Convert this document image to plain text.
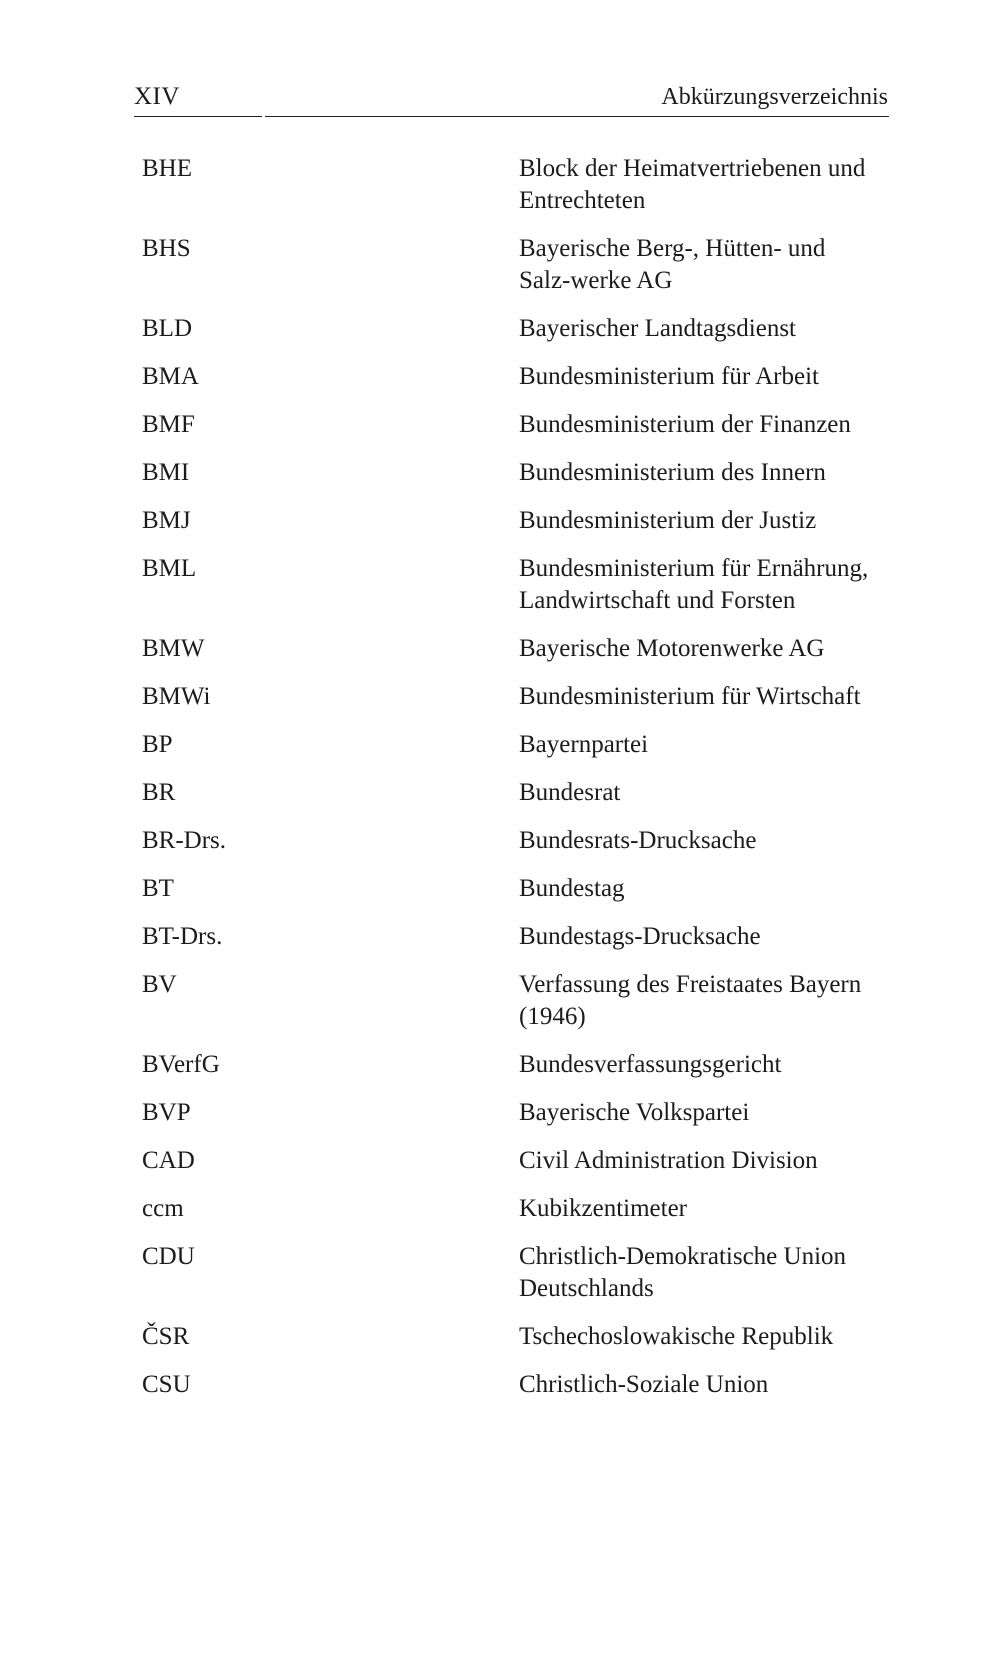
XIV	Abkürzungsverzeichnis
BHE	Block der Heimatvertriebenen und Entrechteten
BHS	Bayerische Berg-, Hütten- und Salz-werke AG
BLD	Bayerischer Landtagsdienst
BMA	Bundesministerium für Arbeit
BMF	Bundesministerium der Finanzen
BMI	Bundesministerium des Innern
BMJ	Bundesministerium der Justiz
BML	Bundesministerium für Ernährung, Landwirtschaft und Forsten
BMW	Bayerische Motorenwerke AG
BMWi	Bundesministerium für Wirtschaft
BP	Bayernpartei
BR	Bundesrat
BR-Drs.	Bundesrats-Drucksache
BT	Bundestag
BT-Drs.	Bundestags-Drucksache
BV	Verfassung des Freistaates Bayern (1946)
BVerfG	Bundesverfassungsgericht
BVP	Bayerische Volkspartei
CAD	Civil Administration Division
ccm	Kubikzentimeter
CDU	Christlich-Demokratische Union Deutschlands
ČSR	Tschechoslowakische Republik
CSU	Christlich-Soziale Union
